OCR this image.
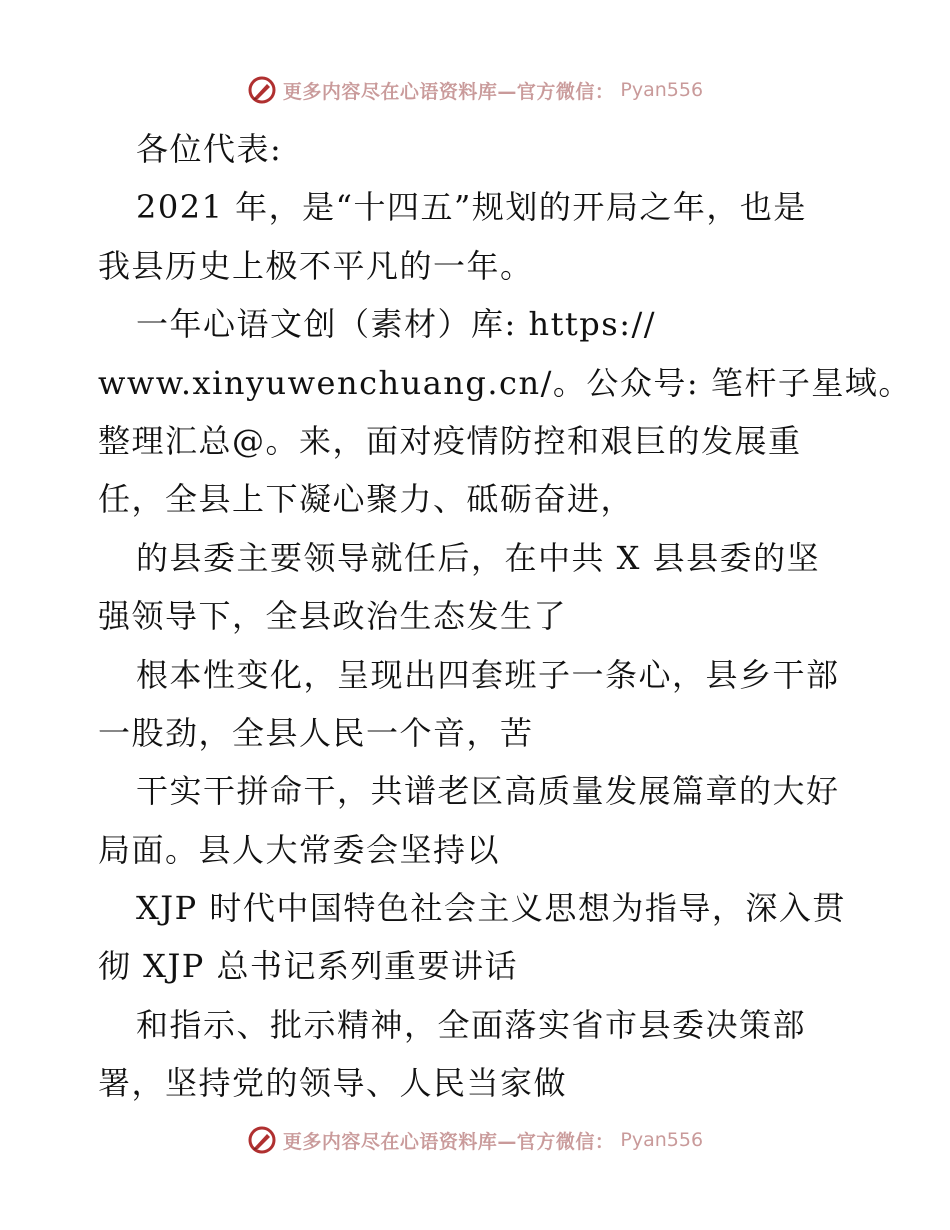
更多内容尽在心语资料库—官方微信： Pyan556
各位代表:
2021 年，是“十四五”规划的开局之年，也是
我县历史上极不平凡的一年。
一年心语文创（素材）库: https://
www.xinyuwenchuang.cn/。公众号: 笔杆子星域。
整理汇总@。来，面对疫情防控和艰巨的发展重
任，全县上下凝心聚力、砥砺奋进，
的县委主要领导就任后，在中共 X 县县委的坚
强领导下，全县政治生态发生了
根本性变化，呈现出四套班子一条心，县乡干部
一股劲，全县人民一个音，苦
干实干拼命干，共谱老区高质量发展篇章的大好
局面。县人大常委会坚持以
XJP 时代中国特色社会主义思想为指导，深入贯
彻 XJP 总书记系列重要讲话
和指示、批示精神，全面落实省市县委决策部
署，坚持党的领导、人民当家做
更多内容尽在心语资料库—官方微信： Pyan556
